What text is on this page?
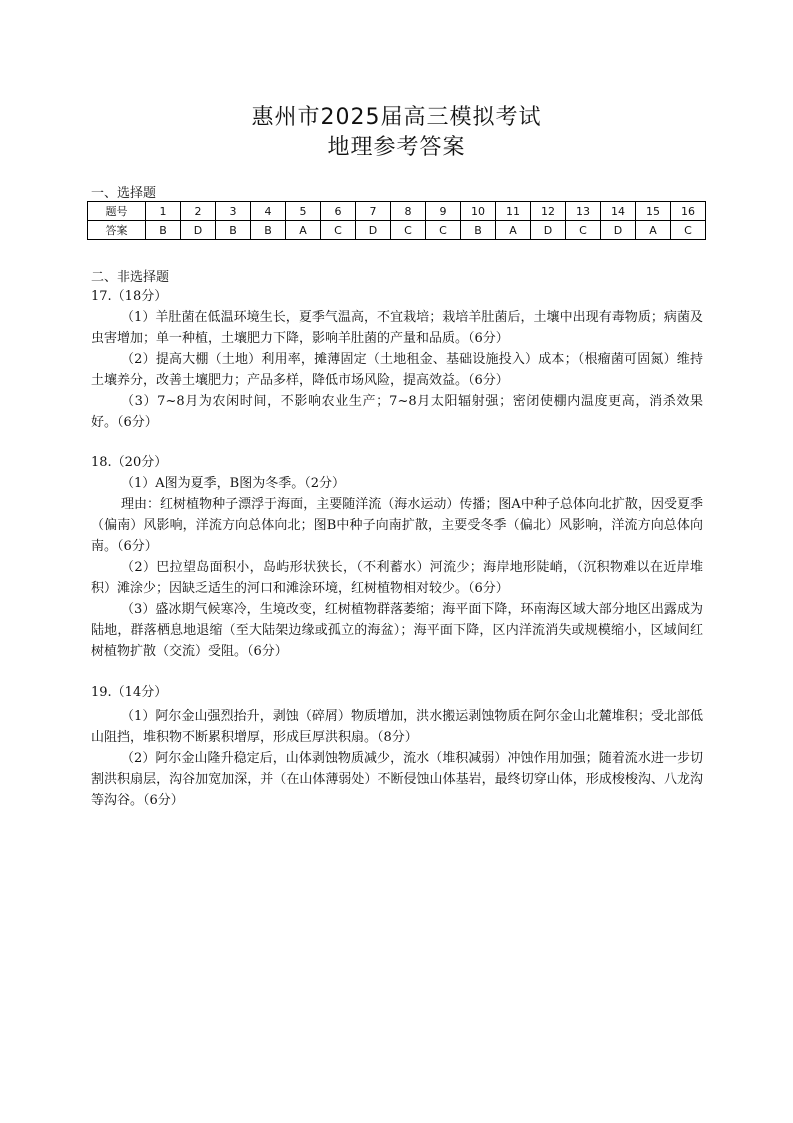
惠州市2025届高三模拟考试
地理参考答案
一、选择题
题号	1	2	3	4	5	6	7	8	9	10	11	12	13	14	15	16
答案	B	D	B	B	A	C	D	C	C	B	A	D	C	D	A	C
二、非选择题

17.（18分）

（1）羊肚菌在低温环境生长，夏季气温高，不宜栽培；栽培羊肚菌后，土壤中出现有毒物质；病菌及虫害增加；单一种植，土壤肥力下降，影响羊肚菌的产量和品质。（6分）

（2）提高大棚（土地）利用率，摊薄固定（土地租金、基础设施投入）成本；（根瘤菌可固氮）维持土壤养分，改善土壤肥力；产品多样，降低市场风险，提高效益。（6分）

（3）7~8月为农闲时间，不影响农业生产；7~8月太阳辐射强；密闭使棚内温度更高，消杀效果好。（6分）

18.（20分）

（1）A图为夏季，B图为冬季。（2分）

理由：红树植物种子漂浮于海面，主要随洋流（海水运动）传播；图A中种子总体向北扩散，因受夏季（偏南）风影响，洋流方向总体向北；图B中种子向南扩散，主要受冬季（偏北）风影响，洋流方向总体向南。（6分）

（2）巴拉望岛面积小，岛屿形状狭长，（不利蓄水）河流少；海岸地形陡峭，（沉积物难以在近岸堆积）滩涂少；因缺乏适生的河口和滩涂环境，红树植物相对较少。（6分）

（3）盛冰期气候寒冷，生境改变，红树植物群落萎缩；海平面下降，环南海区域大部分地区出露成为陆地，群落栖息地退缩（至大陆架边缘或孤立的海盆）；海平面下降，区内洋流消失或规模缩小，区域间红树植物扩散（交流）受阻。（6分）

19.（14分）

（1）阿尔金山强烈抬升，剥蚀（碎屑）物质增加，洪水搬运剥蚀物质在阿尔金山北麓堆积；受北部低山阻挡，堆积物不断累积增厚，形成巨厚洪积扇。（8分）

（2）阿尔金山隆升稳定后，山体剥蚀物质减少，流水（堆积减弱）冲蚀作用加强；随着流水进一步切割洪积扇层，沟谷加宽加深，并（在山体薄弱处）不断侵蚀山体基岩，最终切穿山体，形成梭梭沟、八龙沟等沟谷。（6分）
